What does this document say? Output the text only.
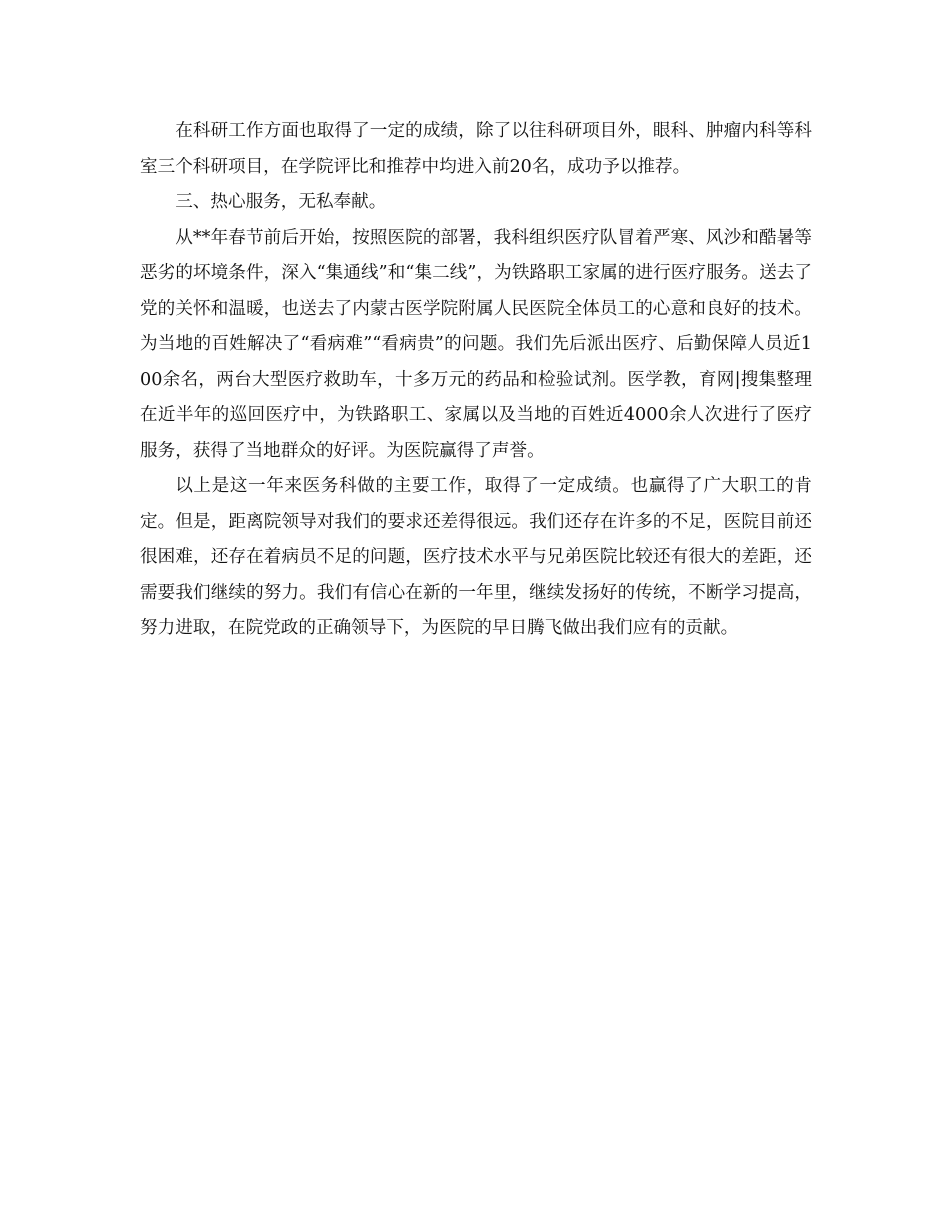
在科研工作方面也取得了一定的成绩，除了以往科研项目外，眼科、肿瘤内科等科室三个科研项目，在学院评比和推荐中均进入前20名，成功予以推荐。

三、热心服务，无私奉献。

从**年春节前后开始，按照医院的部署，我科组织医疗队冒着严寒、风沙和酷暑等恶劣的坏境条件，深入“集通线”和“集二线”，为铁路职工家属的进行医疗服务。送去了党的关怀和温暖，也送去了内蒙古医学院附属人民医院全体员工的心意和良好的技术。为当地的百姓解决了“看病难”“看病贵”的问题。我们先后派出医疗、后勤保障人员近100余名，两台大型医疗救助车，十多万元的药品和检验试剂。医学教，育网|搜集整理在近半年的巡回医疗中，为铁路职工、家属以及当地的百姓近4000余人次进行了医疗服务，获得了当地群众的好评。为医院赢得了声誉。

以上是这一年来医务科做的主要工作，取得了一定成绩。也赢得了广大职工的肯定。但是，距离院领导对我们的要求还差得很远。我们还存在许多的不足，医院目前还很困难，还存在着病员不足的问题，医疗技术水平与兄弟医院比较还有很大的差距，还需要我们继续的努力。我们有信心在新的一年里，继续发扬好的传统，不断学习提高，努力进取，在院党政的正确领导下，为医院的早日腾飞做出我们应有的贡献。
